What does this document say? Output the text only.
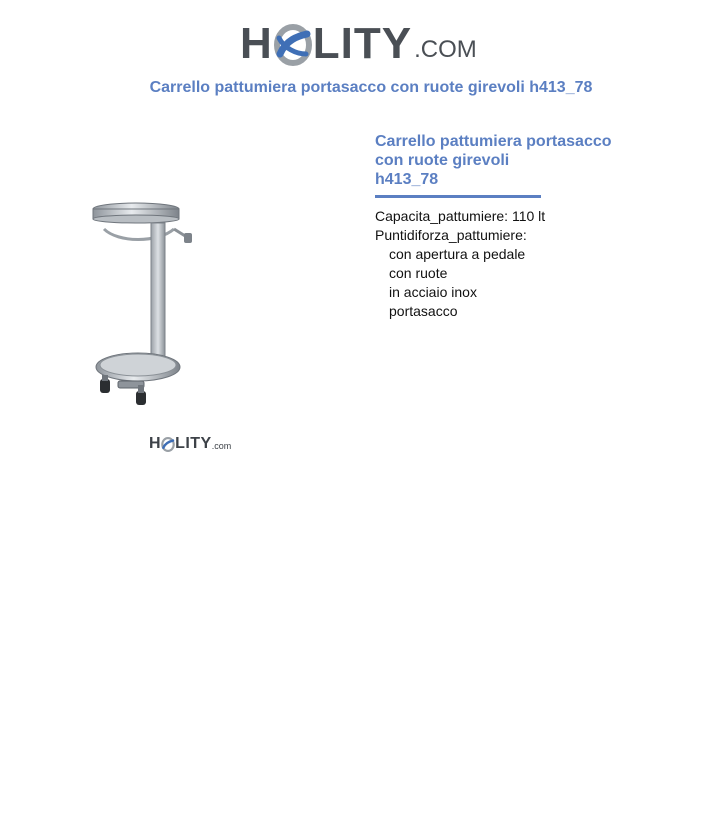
H LITY .COM
Carrello pattumiera portasacco con ruote girevoli h413_78
H LITY .com
Carrello pattumiera portasacco
con ruote girevoli
h413_78
Capacita_pattumiere: 110 lt
Puntidiforza_pattumiere:
con apertura a pedale
con ruote
in acciaio inox
portasacco
